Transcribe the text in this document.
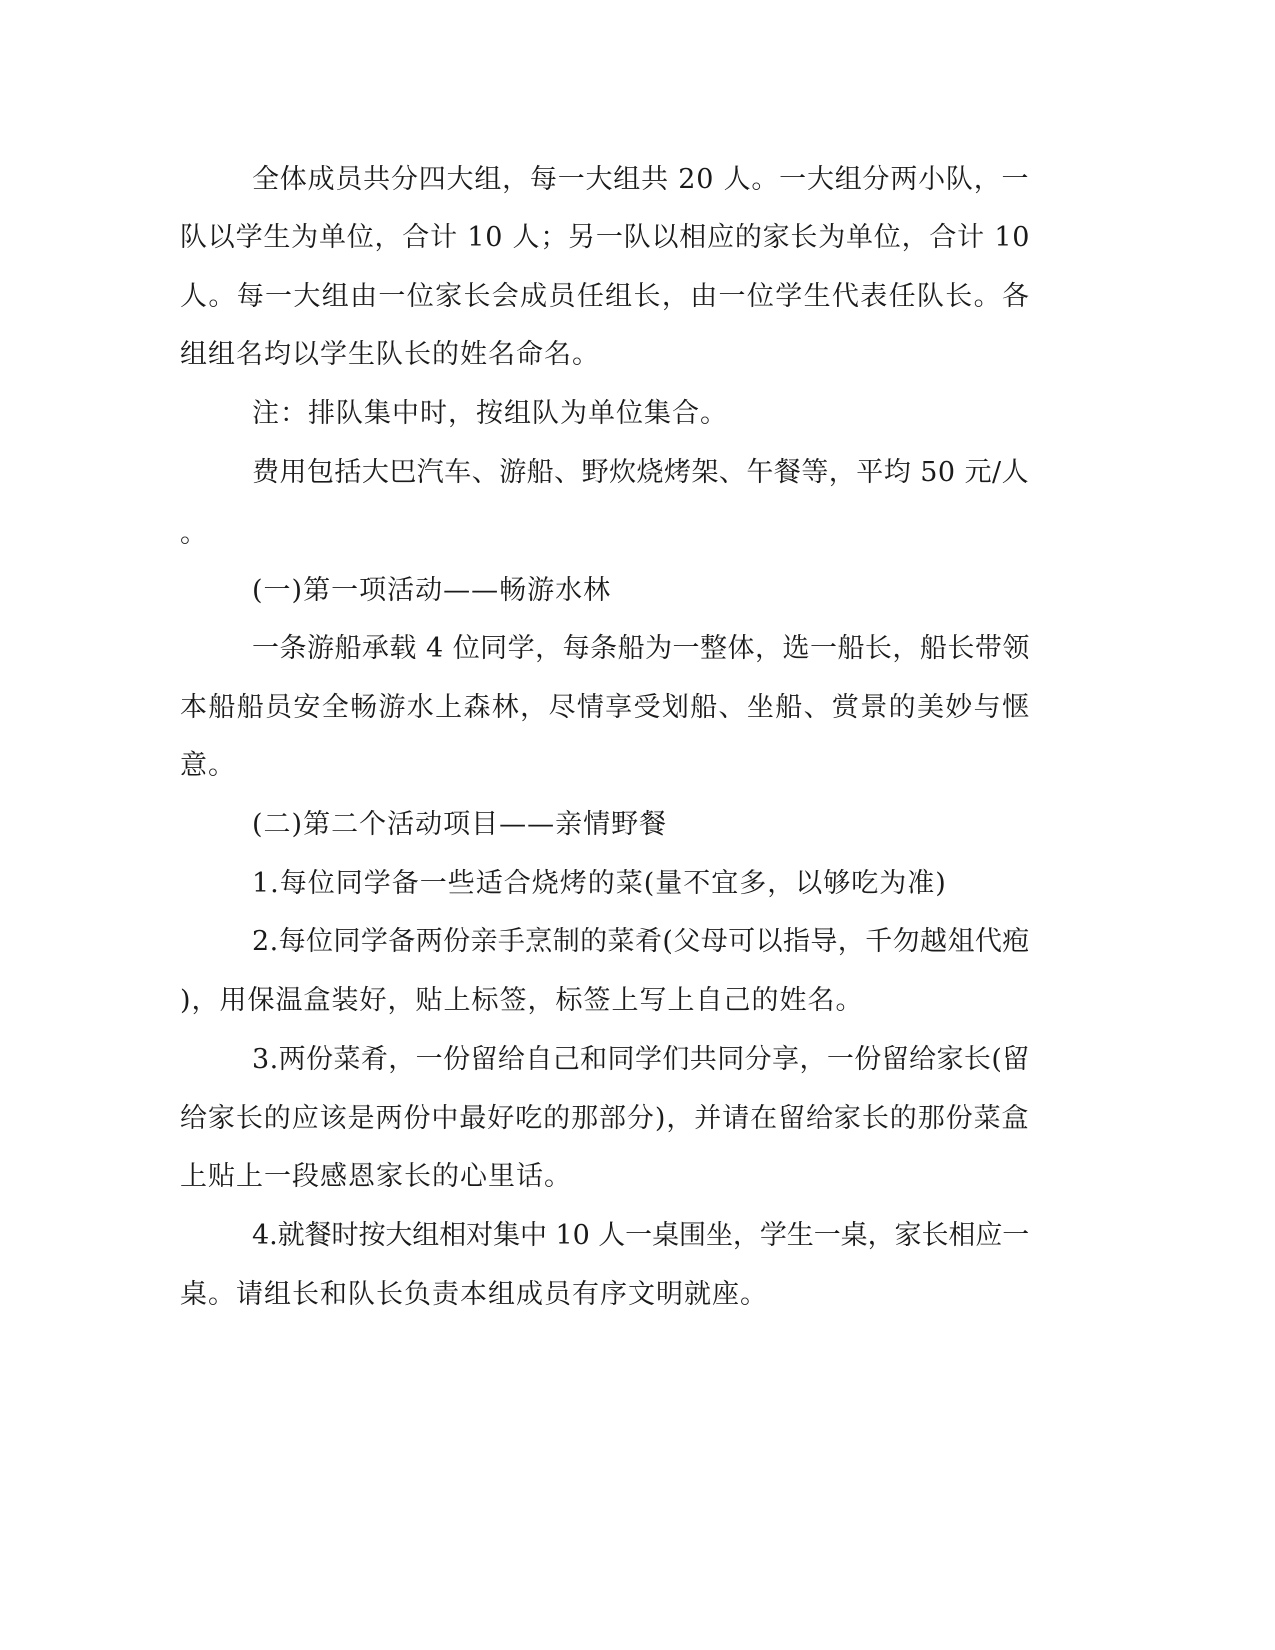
全体成员共分四大组，每一大组共 20 人。一大组分两小队，一
队以学生为单位，合计 10 人；另一队以相应的家长为单位，合计 10
人。每一大组由一位家长会成员任组长，由一位学生代表任队长。各
组组名均以学生队长的姓名命名。
注：排队集中时，按组队为单位集合。
费用包括大巴汽车、游船、野炊烧烤架、午餐等，平均 50 元/人
。
(一)第一项活动——畅游水林
一条游船承载 4 位同学，每条船为一整体，选一船长，船长带领
本船船员安全畅游水上森林，尽情享受划船、坐船、赏景的美妙与惬
意。
(二)第二个活动项目——亲情野餐
1.每位同学备一些适合烧烤的菜(量不宜多，以够吃为准)
2.每位同学备两份亲手烹制的菜肴(父母可以指导，千勿越俎代疱
)，用保温盒装好，贴上标签，标签上写上自己的姓名。
3.两份菜肴，一份留给自己和同学们共同分享，一份留给家长(留
给家长的应该是两份中最好吃的那部分)，并请在留给家长的那份菜盒
上贴上一段感恩家长的心里话。
4.就餐时按大组相对集中 10 人一桌围坐，学生一桌，家长相应一
桌。请组长和队长负责本组成员有序文明就座。
